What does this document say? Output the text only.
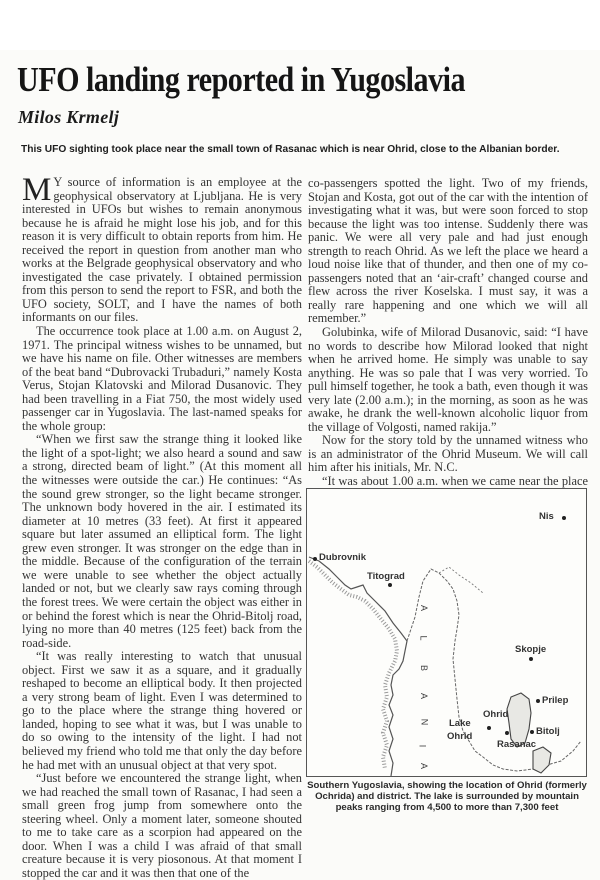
UFO landing reported in Yugoslavia
Milos Krmelj
This UFO sighting took place near the small town of Rasanac which is near Ohrid, close to the Albanian border.

M Y source of information is an employee at the geophysical observatory at Ljubljana. He is very interested in UFOs but wishes to remain anonymous because he is afraid he might lose his job, and for this reason it is very difficult to obtain reports from him. He received the report in question from another man who works at the Belgrade geophysical observatory and who investigated the case privately. I obtained permission from this person to send the report to FSR, and both the UFO society, SOLT, and I have the names of both informants on our files.

The occurrence took place at 1.00 a.m. on August 2, 1971. The principal witness wishes to be unnamed, but we have his name on file. Other witnesses are members of the beat band “Dubrovacki Trubaduri,” namely Kosta Verus, Stojan Klatovski and Milorad Dusanovic. They had been travelling in a Fiat 750, the most widely used passenger car in Yugoslavia. The last-named speaks for the whole group:

“When we first saw the strange thing it looked like the light of a spot-light; we also heard a sound and saw a strong, directed beam of light.” (At this moment all the witnesses were outside the car.) He continues: “As the sound grew stronger, so the light became stronger. The unknown body hovered in the air. I estimated its diameter at 10 metres (33 feet). At first it appeared square but later assumed an elliptical form. The light grew even stronger. It was stronger on the edge than in the middle. Because of the configuration of the terrain we were unable to see whether the object actually landed or not, but we clearly saw rays coming through the forest trees. We were certain the object was either in or behind the forest which is near the Ohrid-Bitolj road, lying no more than 40 metres (125 feet) back from the road-side.

“It was really interesting to watch that unusual object. First we saw it as a square, and it gradually reshaped to become an elliptical body. It then projected a very strong beam of light. Even I was determined to go to the place where the strange thing hovered or landed, hoping to see what it was, but I was unable to do so owing to the intensity of the light. I had not believed my friend who told me that only the day before he had met with an unusual object at that very spot.

“Just before we encountered the strange light, when we had reached the small town of Rasanac, I had seen a small green frog jump from somewhere onto the steering wheel. Only a moment later, someone shouted to me to take care as a scorpion had appeared on the door. When I was a child I was afraid of that small creature because it is very piosonous. At that moment I stopped the car and it was then that one of the

co-passengers spotted the light. Two of my friends, Stojan and Kosta, got out of the car with the intention of investigating what it was, but were soon forced to stop because the light was too intense. Suddenly there was panic. We were all very pale and had just enough strength to reach Ohrid. As we left the place we heard a loud noise like that of thunder, and then one of my co-passengers noted that an ‘air-craft’ changed course and flew across the river Koselska. I must say, it was a really rare happening and one which we will all remember.”

Golubinka, wife of Milorad Dusanovic, said: “I have no words to describe how Milorad looked that night when he arrived home. He simply was unable to say anything. He was so pale that I was very worried. To pull himself together, he took a bath, even though it was very late (2.00 a.m.); in the morning, as soon as he was awake, he drank the well-known alcoholic liquor from the village of Volgosti, named rakija.”

Now for the story told by the unnamed witness who is an administrator of the Ohrid Museum. We will call him after his initials, Mr. N.C.

“It was about 1.00 a.m. when we came near the place

Nis
Dubrovnik
Titograd
Skopje
Prilep
Ohrid
Bitolj
Lake
Ohrid
Rasanac
A
L
B
A
N
I
A
Southern Yugoslavia, showing the location of Ohrid (formerly Ochrida) and district. The lake is surrounded by mountain peaks ranging from 4,500 to more than 7,300 feet
